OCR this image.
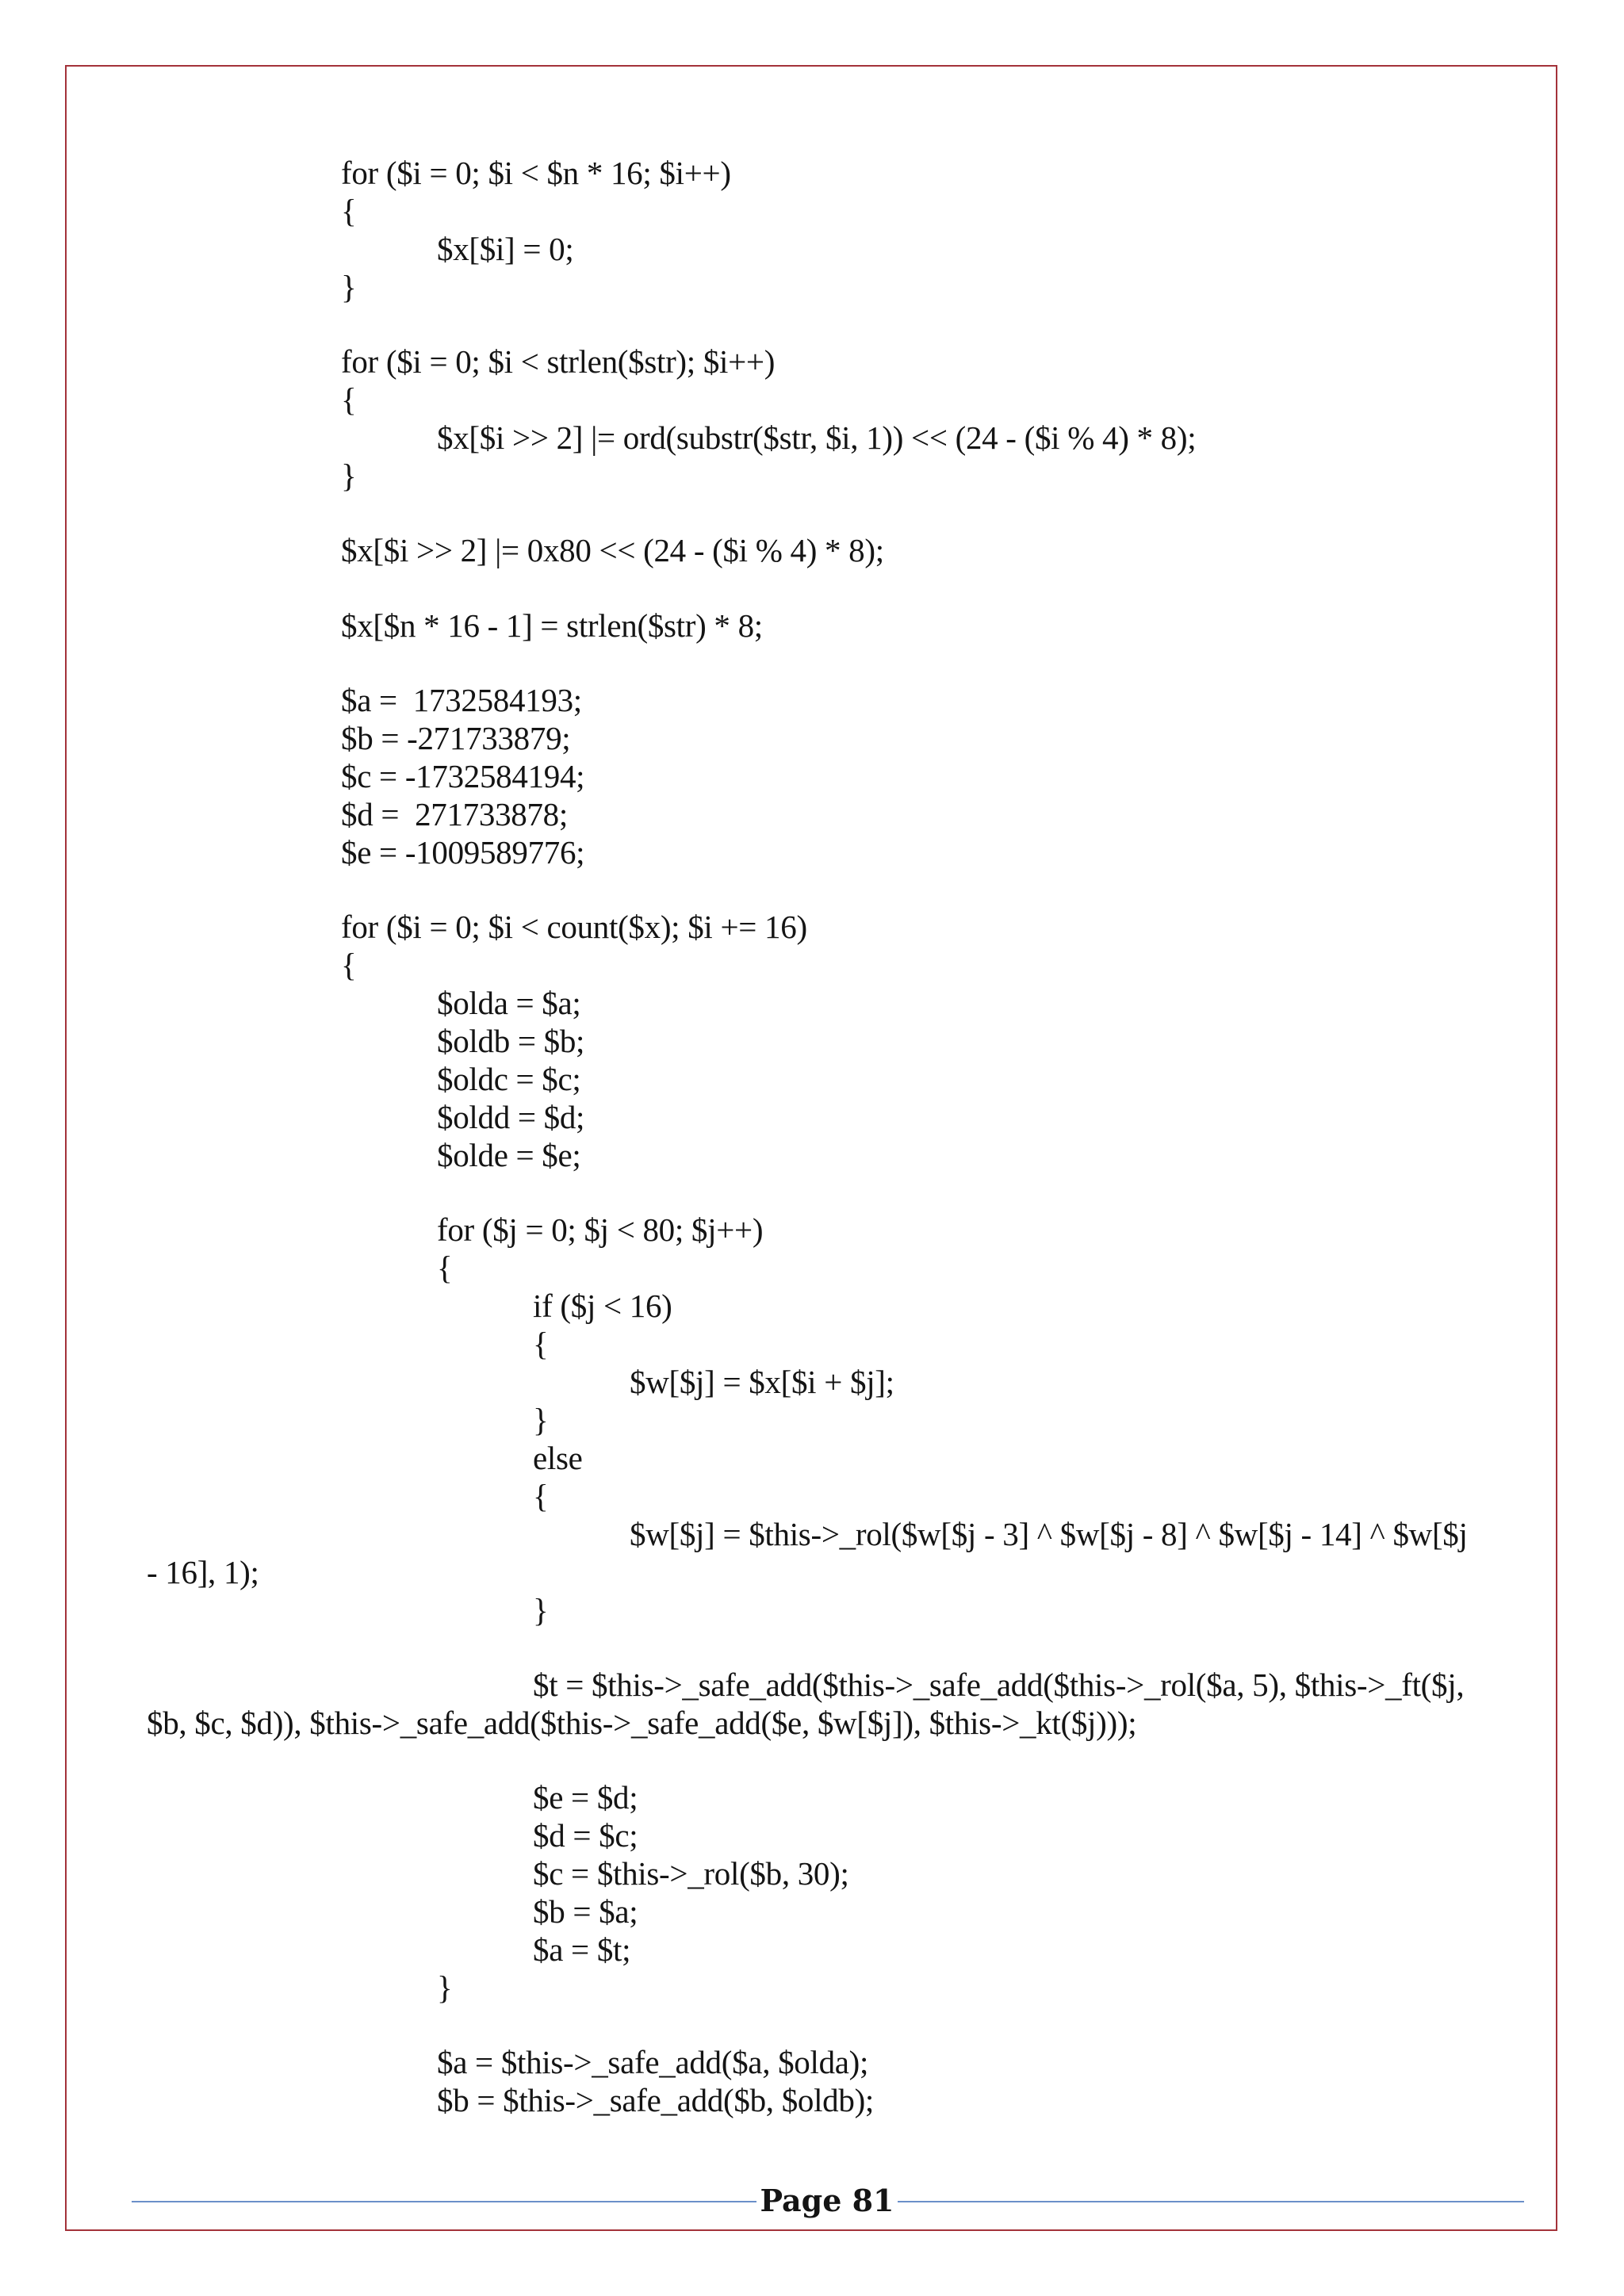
for ($i = 0; $i < $n * 16; $i++)
{
$x[$i] = 0;
}
for ($i = 0; $i < strlen($str); $i++)
{
$x[$i >> 2] |= ord(substr($str, $i, 1)) << (24 - ($i % 4) * 8);
}
$x[$i >> 2] |= 0x80 << (24 - ($i % 4) * 8);
$x[$n * 16 - 1] = strlen($str) * 8;
$a =  1732584193;
$b = -271733879;
$c = -1732584194;
$d =  271733878;
$e = -1009589776;
for ($i = 0; $i < count($x); $i += 16)
{
$olda = $a;
$oldb = $b;
$oldc = $c;
$oldd = $d;
$olde = $e;
for ($j = 0; $j < 80; $j++)
{
if ($j < 16)
{
$w[$j] = $x[$i + $j];
}
else
{
$w[$j] = $this->_rol($w[$j - 3] ^ $w[$j - 8] ^ $w[$j - 14] ^ $w[$j
- 16], 1);
}
$t = $this->_safe_add($this->_safe_add($this->_rol($a, 5), $this->_ft($j,
$b, $c, $d)), $this->_safe_add($this->_safe_add($e, $w[$j]), $this->_kt($j)));
$e = $d;
$d = $c;
$c = $this->_rol($b, 30);
$b = $a;
$a = $t;
}
$a = $this->_safe_add($a, $olda);
$b = $this->_safe_add($b, $oldb);
Page 81
